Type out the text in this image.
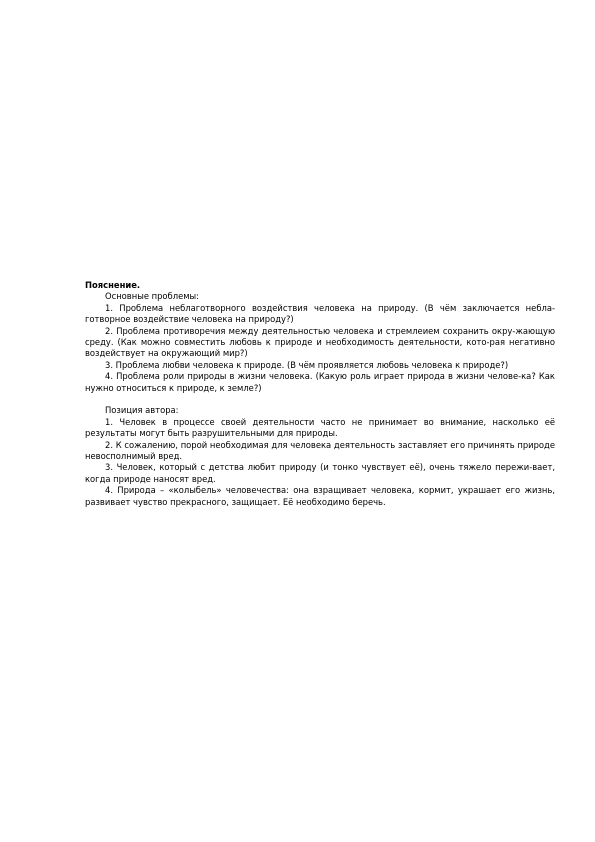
Пояснение.

Основные проблемы:

1. Проблема неблаготворного воздействия человека на природу. (В чём заключается небла-готворное воздействие человека на природу?)

2. Проблема противоречия между деятельностью человека и стремлеием сохранить окру-жающую среду. (Как можно совместить любовь к природе и необходимость деятельности, кото-рая негативно воздействует на окружающий мир?)

3. Проблема любви человека к природе. (В чём проявляется любовь человека к природе?)

4. Проблема роли природы в жизни человека. (Какую роль играет природа в жизни челове-ка? Как нужно относиться к природе, к земле?)

Позиция автора:

1. Человек в процессе своей деятельности часто не принимает во внимание, насколько её результаты могут быть разрушительными для природы.

2. К сожалению, порой необходимая для человека деятельность заставляет его причинять природе невосполнимый вред.

3. Человек, который с детства любит природу (и тонко чувствует её), очень тяжело пережи-вает, когда природе наносят вред.

4. Природа – «колыбель» человечества: она взращивает человека, кормит, украшает его жизнь, развивает чувство прекрасного, защищает. Её необходимо беречь.
